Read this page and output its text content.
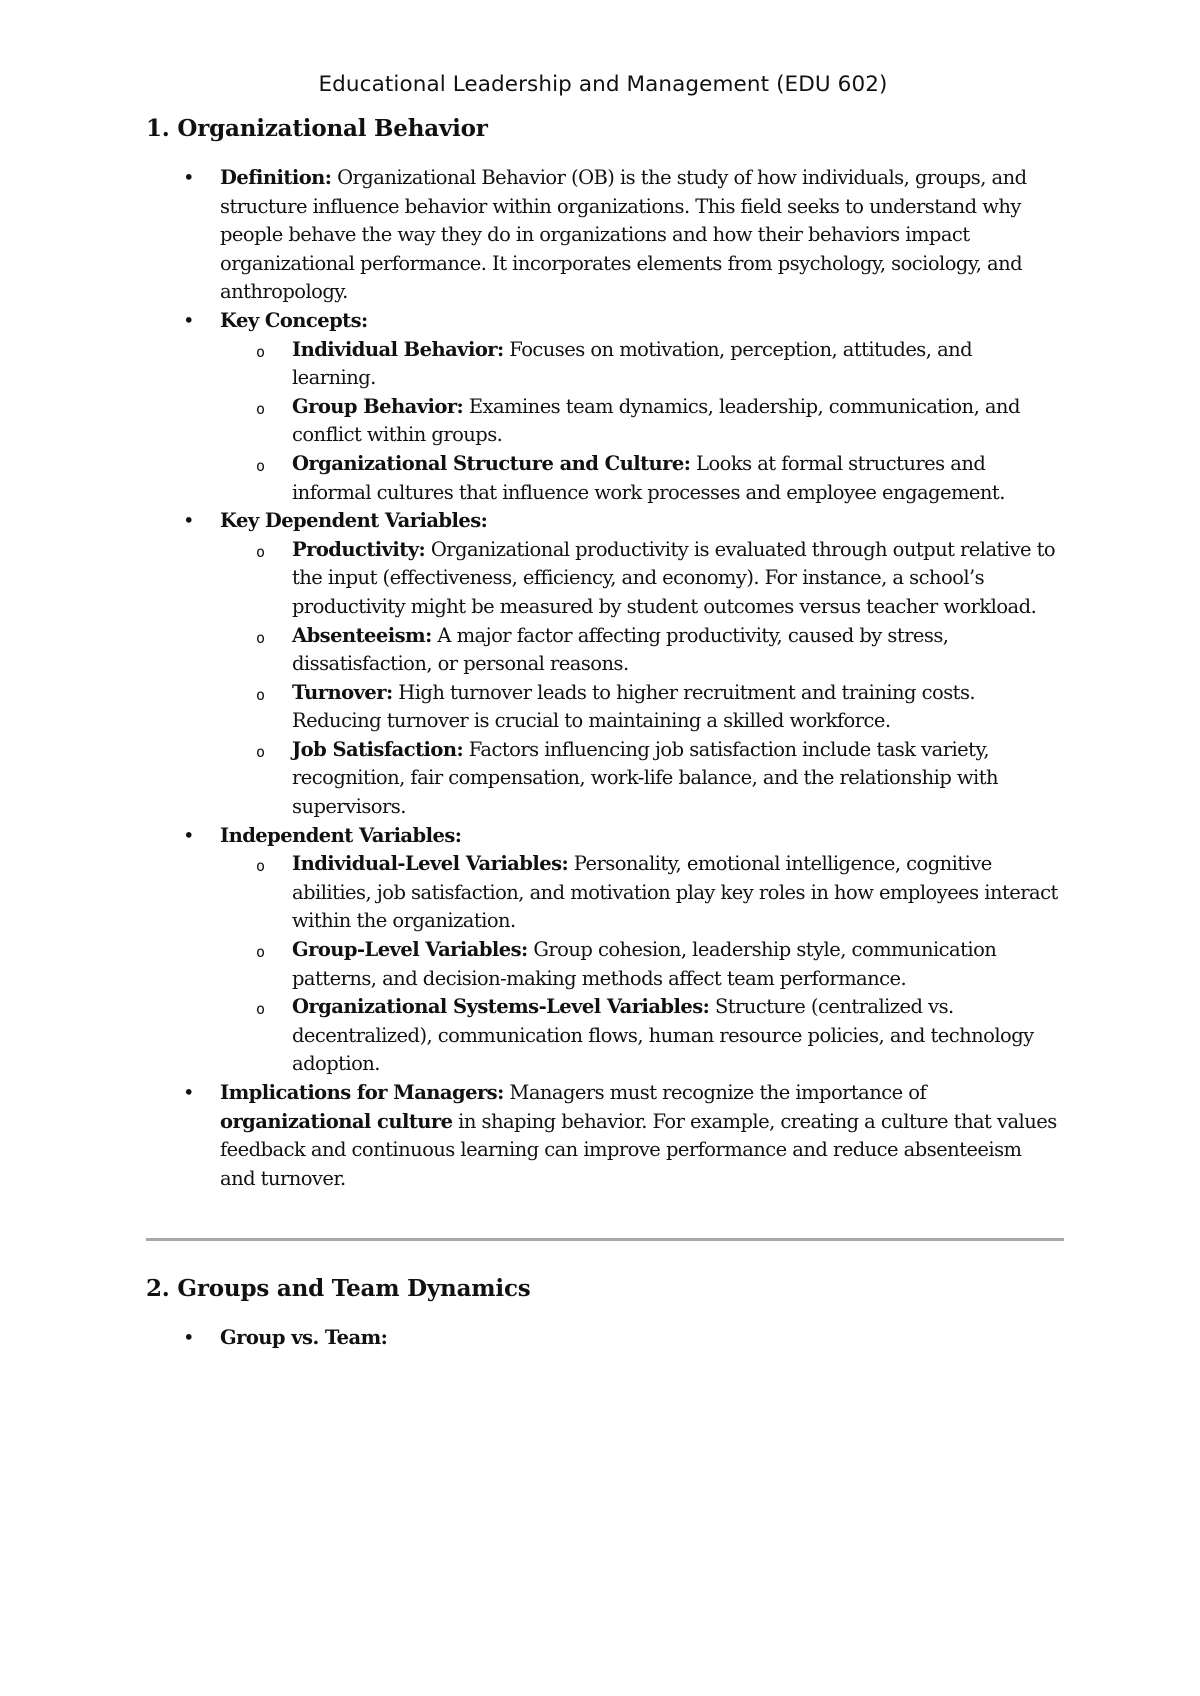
Educational Leadership and Management (EDU 602)
1. Organizational Behavior
• Definition: Organizational Behavior (OB) is the study of how individuals, groups, and structure influence behavior within organizations. This field seeks to understand why people behave the way they do in organizations and how their behaviors impact organizational performance. It incorporates elements from psychology, sociology, and anthropology.
• Key Concepts:
o Individual Behavior: Focuses on motivation, perception, attitudes, and learning.
o Group Behavior: Examines team dynamics, leadership, communication, and conflict within groups.
o Organizational Structure and Culture: Looks at formal structures and informal cultures that influence work processes and employee engagement.
• Key Dependent Variables:
o Productivity: Organizational productivity is evaluated through output relative to the input (effectiveness, efficiency, and economy). For instance, a school’s productivity might be measured by student outcomes versus teacher workload.
o Absenteeism: A major factor affecting productivity, caused by stress, dissatisfaction, or personal reasons.
o Turnover: High turnover leads to higher recruitment and training costs. Reducing turnover is crucial to maintaining a skilled workforce.
o Job Satisfaction: Factors influencing job satisfaction include task variety, recognition, fair compensation, work-life balance, and the relationship with supervisors.
• Independent Variables:
o Individual-Level Variables: Personality, emotional intelligence, cognitive abilities, job satisfaction, and motivation play key roles in how employees interact within the organization.
o Group-Level Variables: Group cohesion, leadership style, communication patterns, and decision-making methods affect team performance.
o Organizational Systems-Level Variables: Structure (centralized vs. decentralized), communication flows, human resource policies, and technology adoption.
• Implications for Managers: Managers must recognize the importance of organizational culture in shaping behavior. For example, creating a culture that values feedback and continuous learning can improve performance and reduce absenteeism and turnover.
2. Groups and Team Dynamics
• Group vs. Team:
